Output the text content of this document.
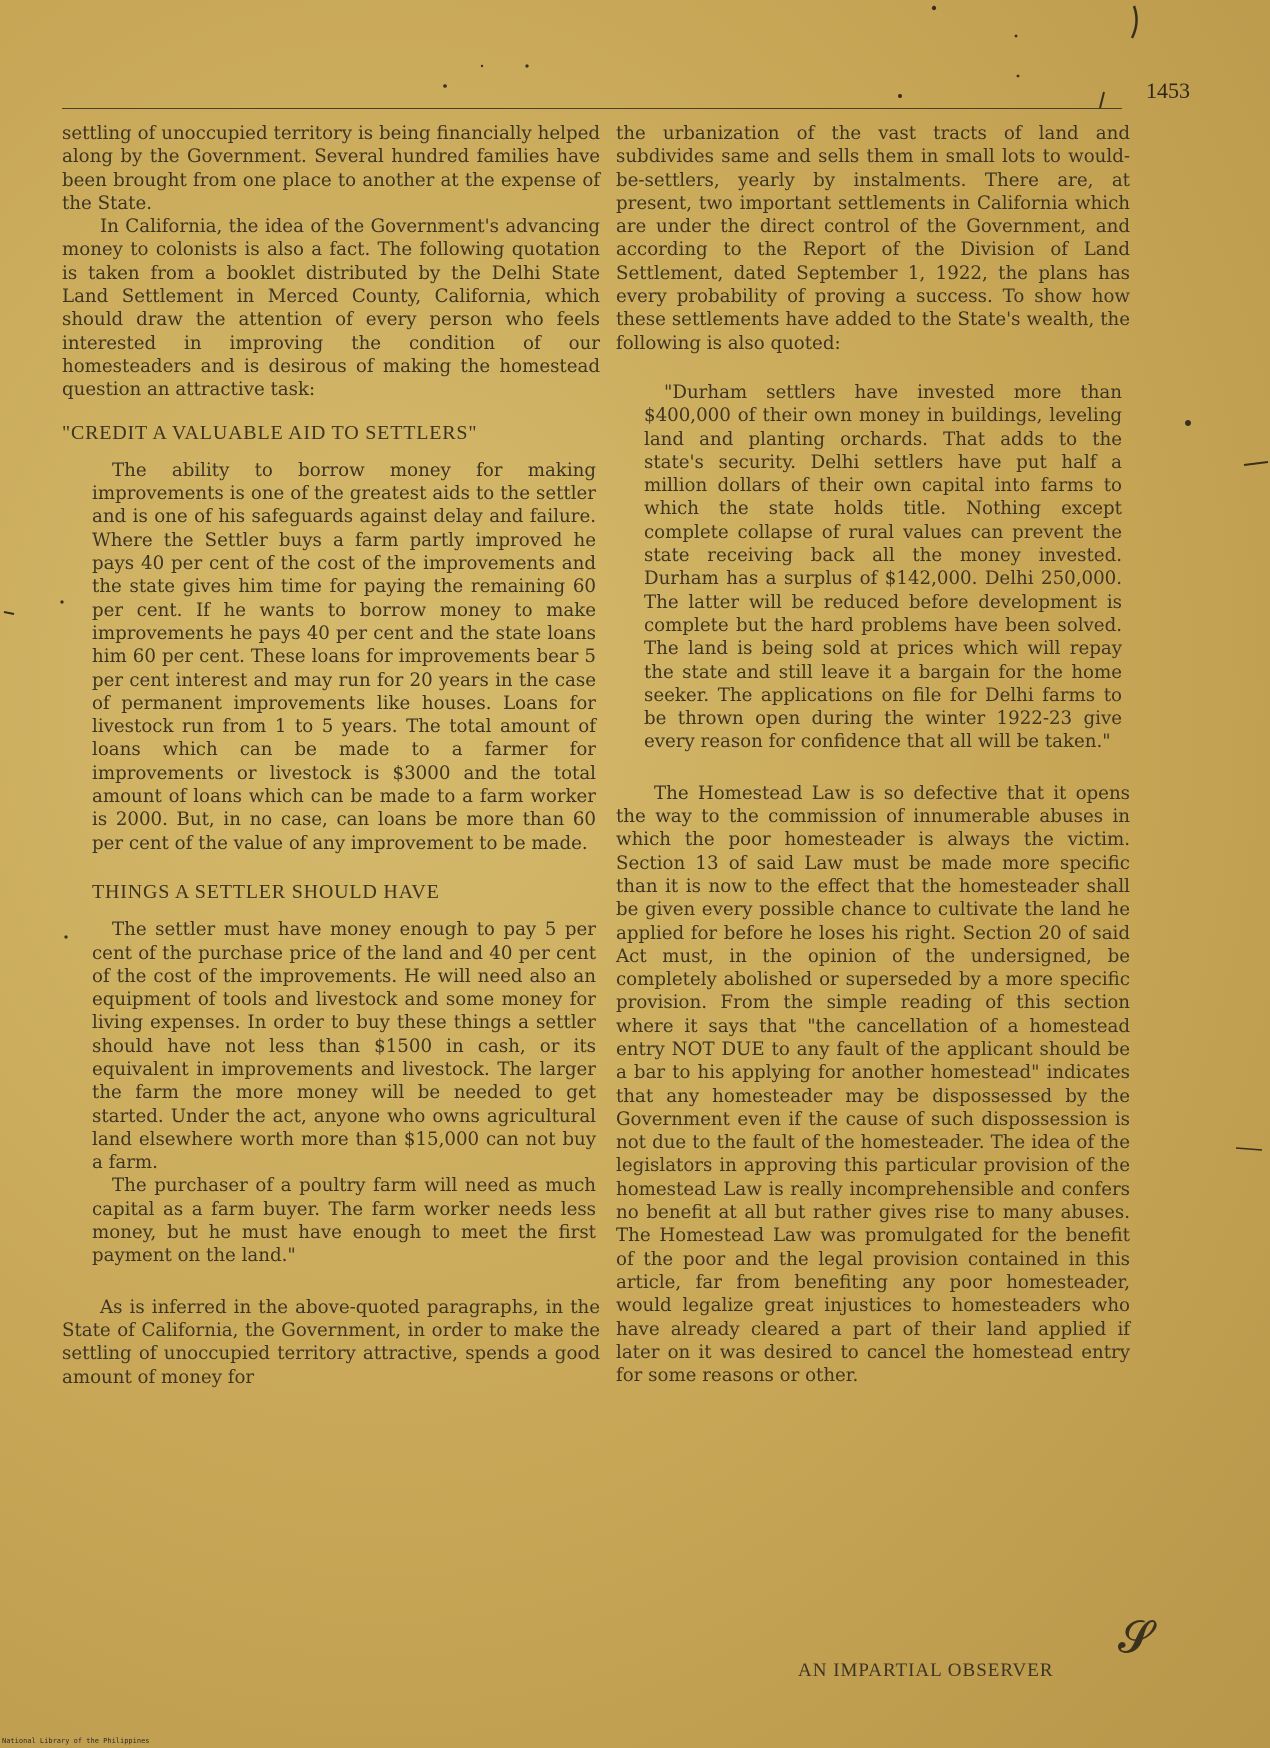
1453

settling of unoccupied territory is being financially helped along by the Government. Several hundred families have been brought from one place to another at the expense of the State.

In California, the idea of the Government's advancing money to colonists is also a fact. The following quotation is taken from a booklet distributed by the Delhi State Land Settlement in Merced County, California, which should draw the attention of every person who feels interested in improving the condition of our homesteaders and is desirous of making the homestead question an attractive task:

"CREDIT A VALUABLE AID TO SETTLERS"

The ability to borrow money for making improvements is one of the greatest aids to the settler and is one of his safeguards against delay and failure. Where the Settler buys a farm partly improved he pays 40 per cent of the cost of the improvements and the state gives him time for paying the remaining 60 per cent. If he wants to borrow money to make improvements he pays 40 per cent and the state loans him 60 per cent. These loans for improvements bear 5 per cent interest and may run for 20 years in the case of permanent improvements like houses. Loans for livestock run from 1 to 5 years. The total amount of loans which can be made to a farmer for improvements or livestock is $3000 and the total amount of loans which can be made to a farm worker is 2000. But, in no case, can loans be more than 60 per cent of the value of any improvement to be made.

THINGS A SETTLER SHOULD HAVE

The settler must have money enough to pay 5 per cent of the purchase price of the land and 40 per cent of the cost of the improvements. He will need also an equipment of tools and livestock and some money for living expenses. In order to buy these things a settler should have not less than $1500 in cash, or its equivalent in improvements and livestock. The larger the farm the more money will be needed to get started. Under the act, anyone who owns agricultural land elsewhere worth more than $15,000 can not buy a farm.

The purchaser of a poultry farm will need as much capital as a farm buyer. The farm worker needs less money, but he must have enough to meet the first payment on the land."

As is inferred in the above-quoted paragraphs, in the State of California, the Government, in order to make the settling of unoccupied territory attractive, spends a good amount of money for

the urbanization of the vast tracts of land and subdivides same and sells them in small lots to would-be-settlers, yearly by instalments. There are, at present, two important settlements in California which are under the direct control of the Government, and according to the Report of the Division of Land Settlement, dated September 1, 1922, the plans has every probability of proving a success. To show how these settlements have added to the State's wealth, the following is also quoted:

"Durham settlers have invested more than $400,000 of their own money in buildings, leveling land and planting orchards. That adds to the state's security. Delhi settlers have put half a million dollars of their own capital into farms to which the state holds title. Nothing except complete collapse of rural values can prevent the state receiving back all the money invested. Durham has a surplus of $142,000. Delhi 250,000. The latter will be reduced before development is complete but the hard problems have been solved. The land is being sold at prices which will repay the state and still leave it a bargain for the home seeker. The applications on file for Delhi farms to be thrown open during the winter 1922-23 give every reason for confidence that all will be taken."

The Homestead Law is so defective that it opens the way to the commission of innumerable abuses in which the poor homesteader is always the victim. Section 13 of said Law must be made more specific than it is now to the effect that the homesteader shall be given every possible chance to cultivate the land he applied for before he loses his right. Section 20 of said Act must, in the opinion of the undersigned, be completely abolished or superseded by a more specific provision. From the simple reading of this section where it says that "the cancellation of a homestead entry NOT DUE to any fault of the applicant should be a bar to his applying for another homestead" indicates that any homesteader may be dispossessed by the Government even if the cause of such dispossession is not due to the fault of the homesteader. The idea of the legislators in approving this particular provision of the homestead Law is really incomprehensible and confers no benefit at all but rather gives rise to many abuses. The Homestead Law was promulgated for the benefit of the poor and the legal provision contained in this article, far from benefiting any poor homesteader, would legalize great injustices to homesteaders who have already cleared a part of their land applied if later on it was desired to cancel the homestead entry for some reasons or other.

AN IMPARTIAL OBSERVER
𝓢
National Library of the Philippines
